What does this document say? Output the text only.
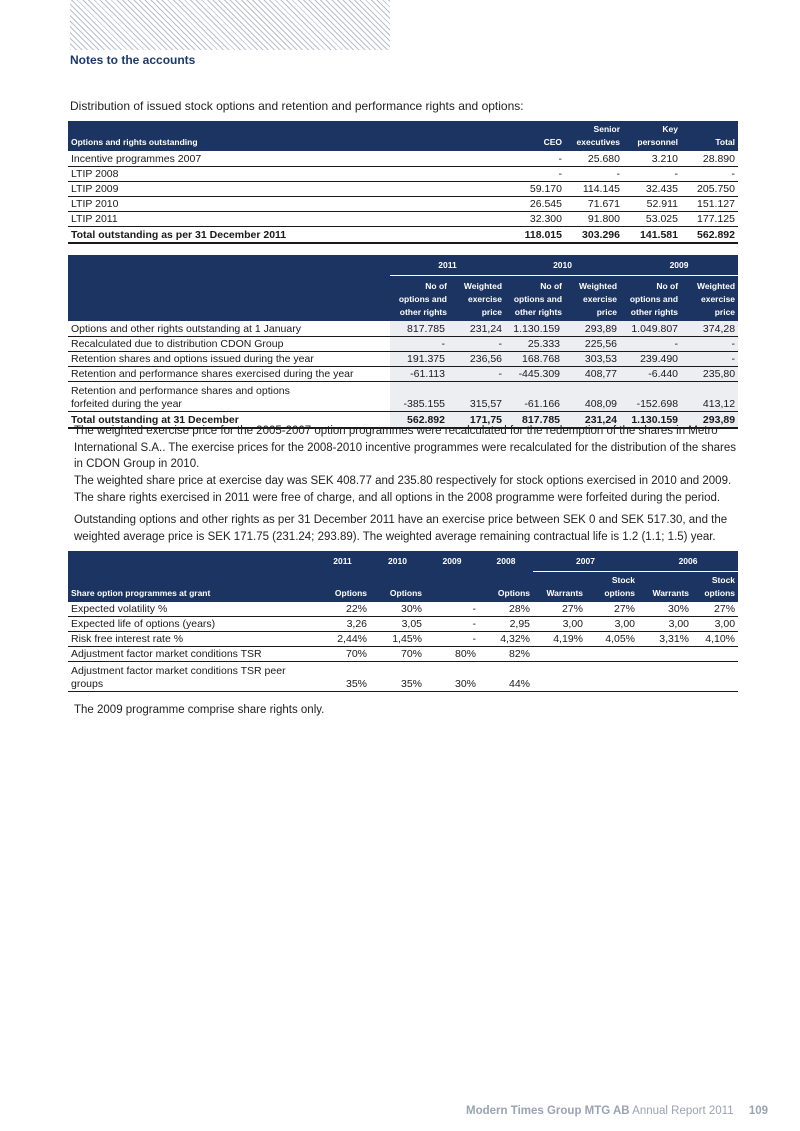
Notes to the accounts
Distribution of issued stock options and retention and performance rights and options:
Options and rights outstanding	CEO	Senior executives	Key personnel	Total
Incentive programmes 2007	-	25.680	3.210	28.890
LTIP 2008	-	-	-	-
LTIP 2009	59.170	114.145	32.435	205.750
LTIP 2010	26.545	71.671	52.911	151.127
LTIP 2011	32.300	91.800	53.025	177.125
Total outstanding as per 31 December 2011	118.015	303.296	141.581	562.892
	2011		2010		2009	
	No of options and other rights	Weighted exercise price	No of options and other rights	Weighted exercise price	No of options and other rights	Weighted exercise price
Options and other rights outstanding at 1 January	817.785	231,24	1.130.159	293,89	1.049.807	374,28
Recalculated due to distribution CDON Group	-	-	25.333	225,56	-	-
Retention shares and options issued during the year	191.375	236,56	168.768	303,53	239.490	-
Retention and performance shares exercised during the year	-61.113	-	-445.309	408,77	-6.440	235,80
Retention and performance shares and options forfeited during the year	-385.155	315,57	-61.166	408,09	-152.698	413,12
Total outstanding at 31 December	562.892	171,75	817.785	231,24	1.130.159	293,89

The weighted exercise price for the 2005-2007 option programmes were recalculated for the redemption of the shares in Metro International S.A.. The exercise prices for the 2008-2010 incentive programmes were recalculated for the distribution of the shares in CDON Group in 2010.

The weighted share price at exercise day was SEK 408.77 and 235.80 respectively for stock options exercised in 2010 and 2009. The share rights exercised in 2011 were free of charge, and all options in the 2008 programme were forfeited during the period.

Outstanding options and other rights as per 31 December 2011 have an exercise price between SEK 0 and SEK 517.30, and the weighted average price is SEK 171.75 (231.24; 293.89). The weighted average remaining contractual life is 1.2 (1.1; 1.5) year.

	2011	2010	2009	2008	2007		2006	
Share option programmes at grant	Options	Options		Options	Warrants	Stock options	Warrants	Stock options
Expected volatility %	22%	30%	-	28%	27%	27%	30%	27%
Expected life of options (years)	3,26	3,05	-	2,95	3,00	3,00	3,00	3,00
Risk free interest rate %	2,44%	1,45%	-	4,32%	4,19%	4,05%	3,31%	4,10%
Adjustment factor market conditions TSR	70%	70%	80%	82%				
Adjustment factor market conditions TSR peer groups	35%	35%	30%	44%				

The 2009 programme comprise share rights only.

Modern Times Group MTG AB Annual Report 2011 109
